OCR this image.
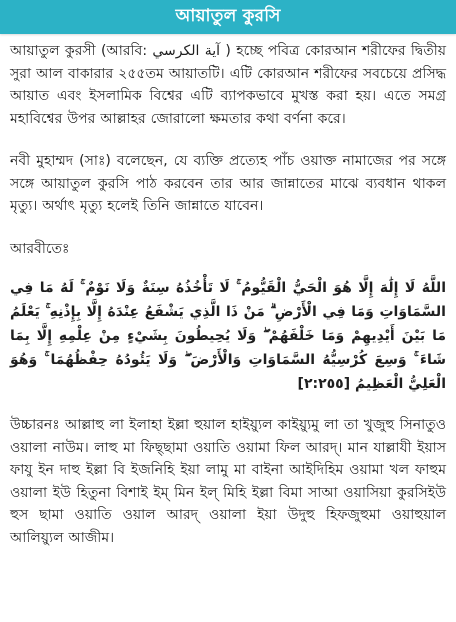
আয়াতুল কুরসি

আয়াতুল কুরসী (আরবি: آية الكرسي ) হচ্ছে পবিত্র কোরআন শরীফের দ্বিতীয় সুরা আল বাকারার ২৫৫তম আয়াতটি। এটি কোরআন শরীফের সবচেয়ে প্রসিদ্ধ আয়াত এবং ইসলামিক বিশ্বের এটি ব্যাপকভাবে মুখস্ত করা হয়। এতে সমগ্র মহাবিশ্বের উপর আল্লাহর জোরালো ক্ষমতার কথা বর্ণনা করে।

নবী মুহাম্মদ (সাঃ) বলেছেন, যে ব্যক্তি প্রত্যেহ পাঁচ ওয়াক্ত নামাজের পর সঙ্গে সঙ্গে আয়াতুল কুরসি পাঠ করবেন তার আর জান্নাতের মাঝে ব্যবধান থাকল মৃত্যু। অর্থাৎ মৃত্যু হলেই তিনি জান্নাতে যাবেন।

আরবীতেঃ

اللَّهُ لَا إِلَٰهَ إِلَّا هُوَ الْحَيُّ الْقَيُّومُ ۚ لَا تَأْخُذُهُ سِنَةٌ وَلَا نَوْمٌ ۚ لَهُ مَا فِي السَّمَاوَاتِ وَمَا فِي الْأَرْضِ ۗ مَنْ ذَا الَّذِي يَشْفَعُ عِنْدَهُ إِلَّا بِإِذْنِهِ ۚ يَعْلَمُ مَا بَيْنَ أَيْدِيهِمْ وَمَا خَلْفَهُمْ ۖ وَلَا يُحِيطُونَ بِشَيْءٍ مِنْ عِلْمِهِ إِلَّا بِمَا شَاءَ ۚ وَسِعَ كُرْسِيُّهُ السَّمَاوَاتِ وَالْأَرْضَ ۖ وَلَا يَئُودُهُ حِفْظُهُمَا ۚ وَهُوَ الْعَلِيُّ الْعَظِيمُ [٢:٢٥٥]

উচ্চারনঃ আল্লাহু লা ইলাহা ইল্লা হুয়াল হাইয়্যুল কাইয়্যুমু লা তা খুজুহু সিনাতুও ওয়ালা নাউম। লাহু মা ফিছ্ছামা ওয়াতি ওয়ামা ফিল আরদ্। মান যাল্লাযী ইয়াস ফাযু ইন দাহু ইল্লা বি ইজনিহি ইয়া লামু মা বাইনা আইদিহিম ওয়ামা খল ফাহুম ওয়ালা ইউ হিতুনা বিশাই ইম্ মিন ইল্ মিহি ইল্লা বিমা সাআ ওয়াসিয়া কুরসিইউ হুস ছামা ওয়াতি ওয়াল আরদ্ ওয়ালা ইয়া উদুহু হিফজুহুমা ওয়াহুয়াল আলিয়্যুল আজীম।
